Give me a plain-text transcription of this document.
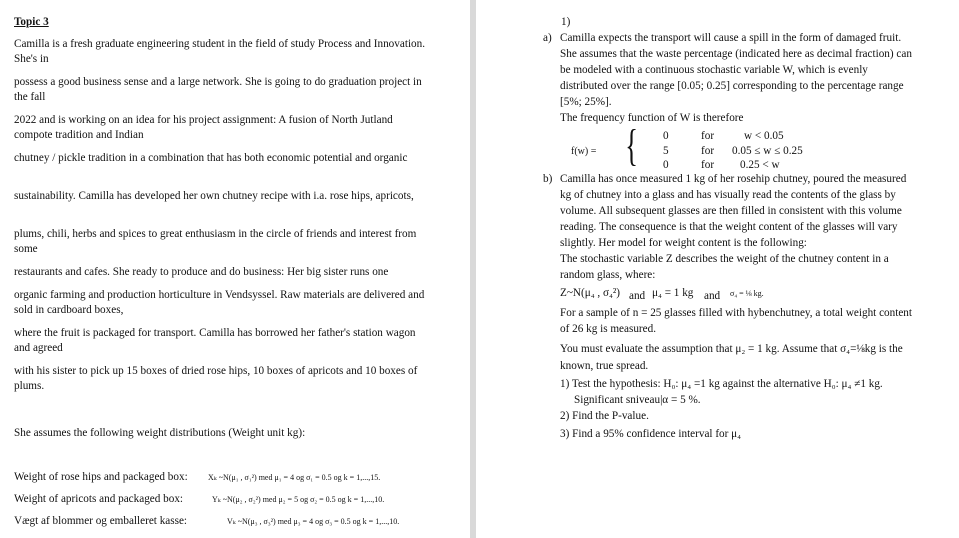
Topic 3

Camilla is a fresh graduate engineering student in the field of study Process and Innovation. She's in

possess a good business sense and a large network. She is going to do graduation project in the fall

2022 and is working on an idea for his project assignment: A fusion of North Jutland compote tradition and Indian

chutney / pickle tradition in a combination that has both economic potential and organic

sustainability. Camilla has developed her own chutney recipe with i.a. rose hips, apricots,

plums, chili, herbs and spices to great enthusiasm in the circle of friends and interest from some

restaurants and cafes. She ready to produce and do business: Her big sister runs one

organic farming and production horticulture in Vendsyssel. Raw materials are delivered and sold in cardboard boxes,

where the fruit is packaged for transport. Camilla has borrowed her father's station wagon and agreed

with his sister to pick up 15 boxes of dried rose hips, 10 boxes of apricots and 10 boxes of plums.

She assumes the following weight distributions (Weight unit kg):

Weight of rose hips and packaged box:	Xₖ ~N(μ₁ , σ₁²) med μ₁ = 4 og σ₁ = 0.5 og k = 1,...,15.

Weight of apricots and packaged box:	Yₖ ~N(μ₂ , σ₂²) med μ₂ = 5 og σ₂ = 0.5 og k = 1,...,10.

Vægt af blommer og emballeret kasse:	Vₖ ~N(μ₃ , σ₃²) med μ₃ = 4 og σ₃ = 0.5 og k = 1,...,10.

1)

a) Camilla expects the transport will cause a spill in the form of damaged fruit.

She assumes that the waste percentage (indicated here as decimal fraction) can

be modeled with a continuous stochastic variable W, which is evenly

distributed over the range [0.05; 0.25] corresponding to the percentage range

[5%; 25%].

The frequency function of W is therefore

f(w) = { 0	for	w < 0.05

5	for 0.05 ≤ w ≤ 0.25

0	for 0.25 < w

b) Camilla has once measured 1 kg of her rosehip chutney, poured the measured

kg of chutney into a glass and has visually read the contents of the glass by

volume. All subsequent glasses are then filled in consistent with this volume

reading. The consequence is that the weight content of the glasses will vary

slightly. Her model for weight content is the following:

The stochastic variable Z describes the weight of the chutney content in a

random glass, where:

Z~N(μ₄ , σ₄²) and μ₄ = 1 kg and σ₄ = ⅛ kg.

For a sample of n = 25 glasses filled with hybenchutney, a total weight content

of 26 kg is measured.

You must evaluate the assumption that μ₂ = 1 kg. Assume that σ₄=⅛kg is the

known, true spread.

1) Test the hypothesis: H₀: μ₄ =1 kg against the alternative H₀: μ₄ ≠1 kg.

Significant sniveau|α = 5 %.

2) Find the P-value.

3) Find a 95% confidence interval for μ₄
